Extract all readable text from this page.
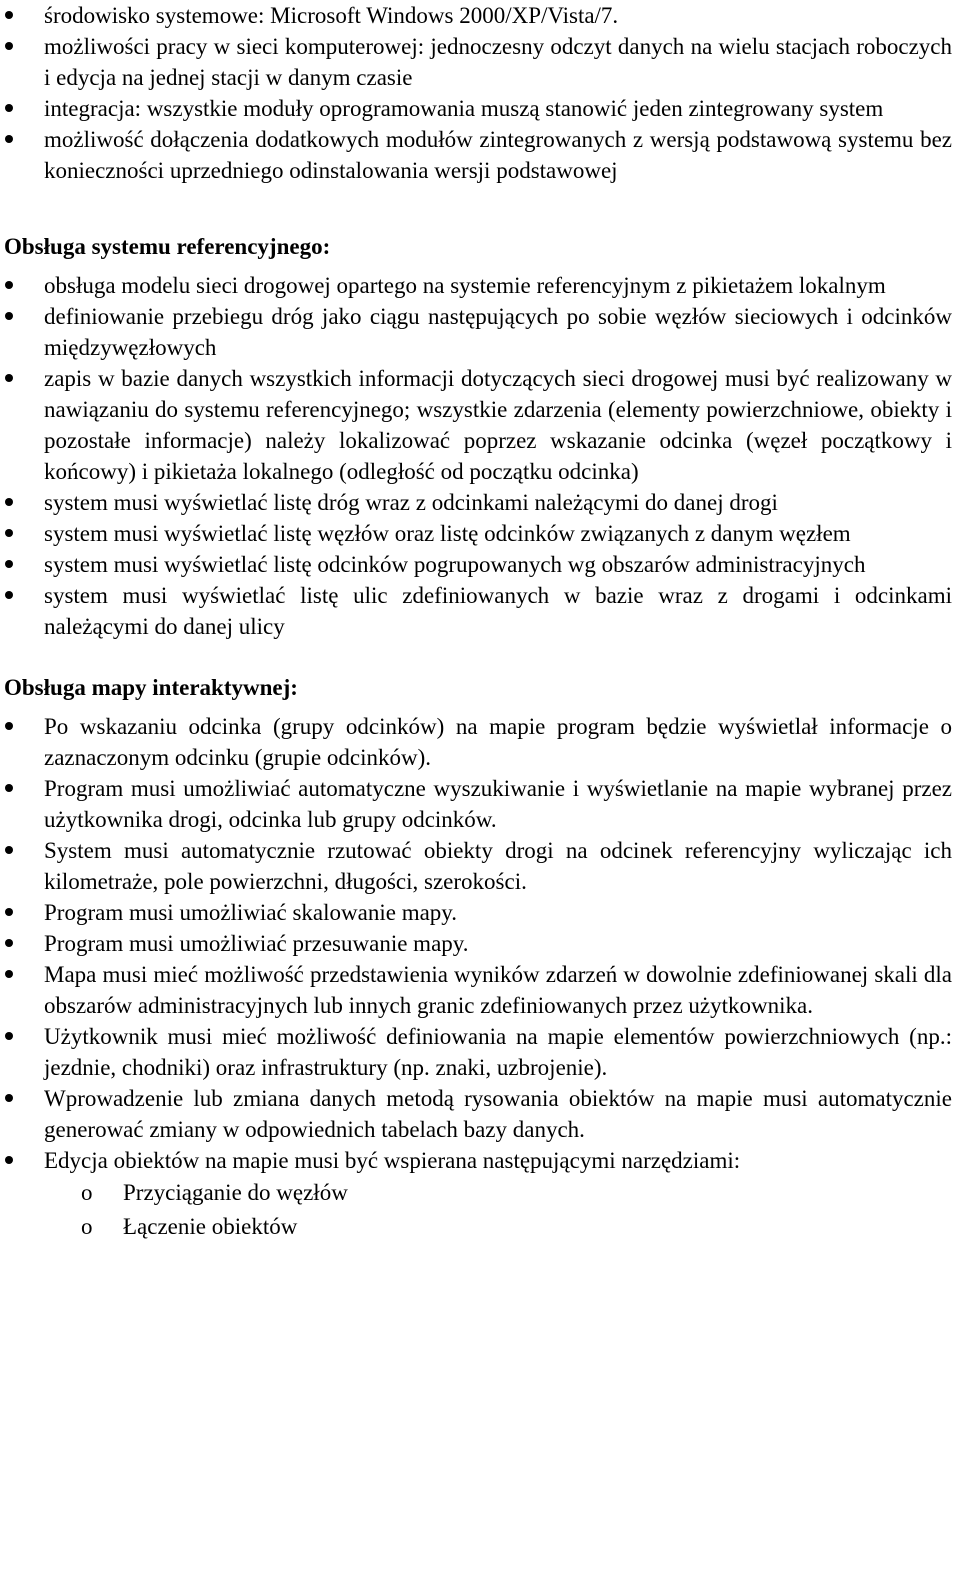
środowisko systemowe: Microsoft Windows 2000/XP/Vista/7.
możliwości pracy w sieci komputerowej: jednoczesny odczyt danych na wielu stacjach roboczych i edycja na jednej stacji w danym czasie
integracja: wszystkie moduły oprogramowania muszą stanowić jeden zintegrowany system
możliwość dołączenia dodatkowych modułów zintegrowanych z wersją podstawową systemu bez konieczności uprzedniego odinstalowania wersji podstawowej
Obsługa systemu referencyjnego:
obsługa modelu sieci drogowej opartego na systemie referencyjnym z pikietażem lokalnym
definiowanie przebiegu dróg jako ciągu następujących po sobie węzłów sieciowych i odcinków międzywęzłowych
zapis w bazie danych wszystkich informacji dotyczących sieci drogowej musi być realizowany w nawiązaniu do systemu referencyjnego; wszystkie zdarzenia (elementy powierzchniowe, obiekty i pozostałe informacje) należy lokalizować poprzez wskazanie odcinka (węzeł początkowy i końcowy) i pikietaża lokalnego (odległość od początku odcinka)
system musi wyświetlać listę dróg wraz z odcinkami należącymi do danej drogi
system musi wyświetlać listę węzłów oraz listę odcinków związanych z danym węzłem
system musi wyświetlać listę odcinków pogrupowanych wg obszarów administracyjnych
system musi wyświetlać listę ulic zdefiniowanych w bazie wraz z drogami i odcinkami należącymi do danej ulicy
Obsługa mapy interaktywnej:
Po wskazaniu odcinka (grupy odcinków) na mapie program będzie wyświetlał informacje o zaznaczonym odcinku (grupie odcinków).
Program musi umożliwiać automatyczne wyszukiwanie i wyświetlanie na mapie wybranej przez użytkownika drogi, odcinka lub grupy odcinków.
System musi automatycznie rzutować obiekty drogi na odcinek referencyjny wyliczając ich kilometraże, pole powierzchni, długości, szerokości.
Program musi umożliwiać skalowanie mapy.
Program musi umożliwiać przesuwanie mapy.
Mapa musi mieć możliwość przedstawienia wyników zdarzeń w dowolnie zdefiniowanej skali dla obszarów administracyjnych lub innych granic zdefiniowanych przez użytkownika.
Użytkownik musi mieć możliwość definiowania na mapie elementów powierzchniowych (np.: jezdnie, chodniki) oraz infrastruktury (np. znaki, uzbrojenie).
Wprowadzenie lub zmiana danych metodą rysowania obiektów na mapie musi automatycznie generować zmiany w odpowiednich tabelach bazy danych.
Edycja obiektów na mapie musi być wspierana następującymi narzędziami:
o Przyciąganie do węzłów
o Łączenie obiektów
